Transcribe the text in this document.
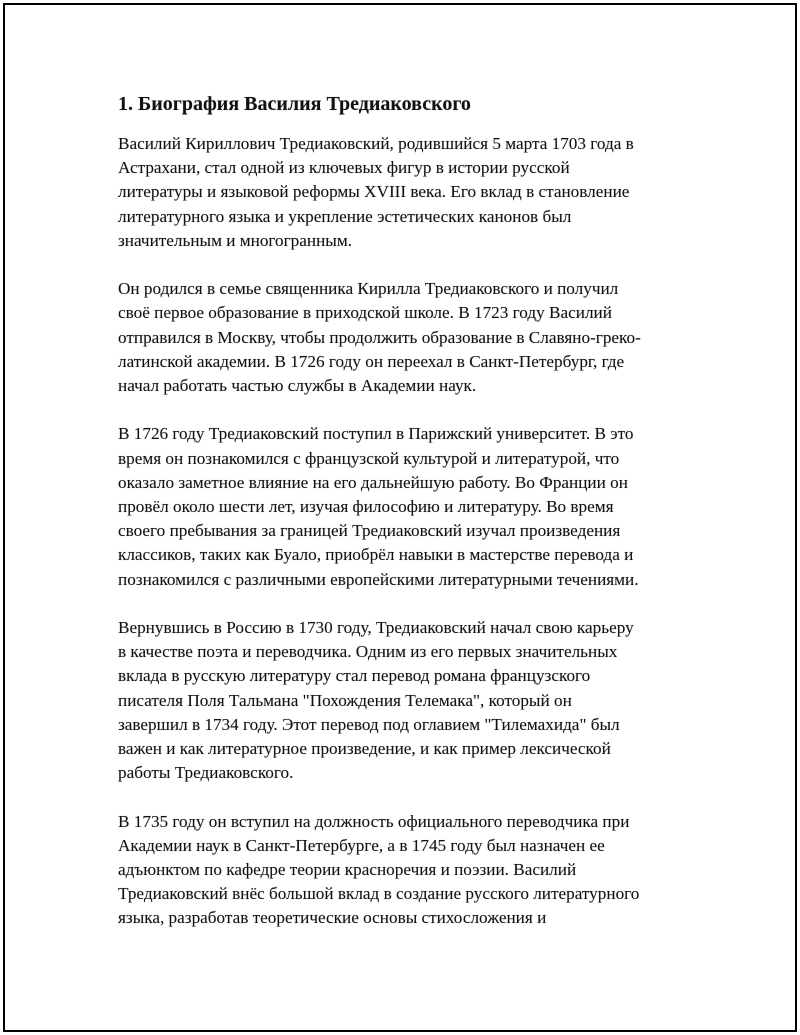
1. Биография Василия Тредиаковского

Василий Кириллович Тредиаковский, родившийся 5 марта 1703 года в
Астрахани, стал одной из ключевых фигур в истории русской
литературы и языковой реформы XVIII века. Его вклад в становление
литературного языка и укрепление эстетических канонов был
значительным и многогранным.

Он родился в семье священника Кирилла Тредиаковского и получил
своё первое образование в приходской школе. В 1723 году Василий
отправился в Москву, чтобы продолжить образование в Славяно-греко-
латинской академии. В 1726 году он переехал в Санкт-Петербург, где
начал работать частью службы в Академии наук.

В 1726 году Тредиаковский поступил в Парижский университет. В это
время он познакомился с французской культурой и литературой, что
оказало заметное влияние на его дальнейшую работу. Во Франции он
провёл около шести лет, изучая философию и литературу. Во время
своего пребывания за границей Тредиаковский изучал произведения
классиков, таких как Буало, приобрёл навыки в мастерстве перевода и
познакомился с различными европейскими литературными течениями.

Вернувшись в Россию в 1730 году, Тредиаковский начал свою карьеру
в качестве поэта и переводчика. Одним из его первых значительных
вклада в русскую литературу стал перевод романа французского
писателя Поля Тальмана "Похождения Телемака", который он
завершил в 1734 году. Этот перевод под оглавием "Тилемахида" был
важен и как литературное произведение, и как пример лексической
работы Тредиаковского.

В 1735 году он вступил на должность официального переводчика при
Академии наук в Санкт-Петербурге, а в 1745 году был назначен ее
адъюнктом по кафедре теории красноречия и поэзии. Василий
Тредиаковский внёс большой вклад в создание русского литературного
языка, разработав теоретические основы стихосложения и
